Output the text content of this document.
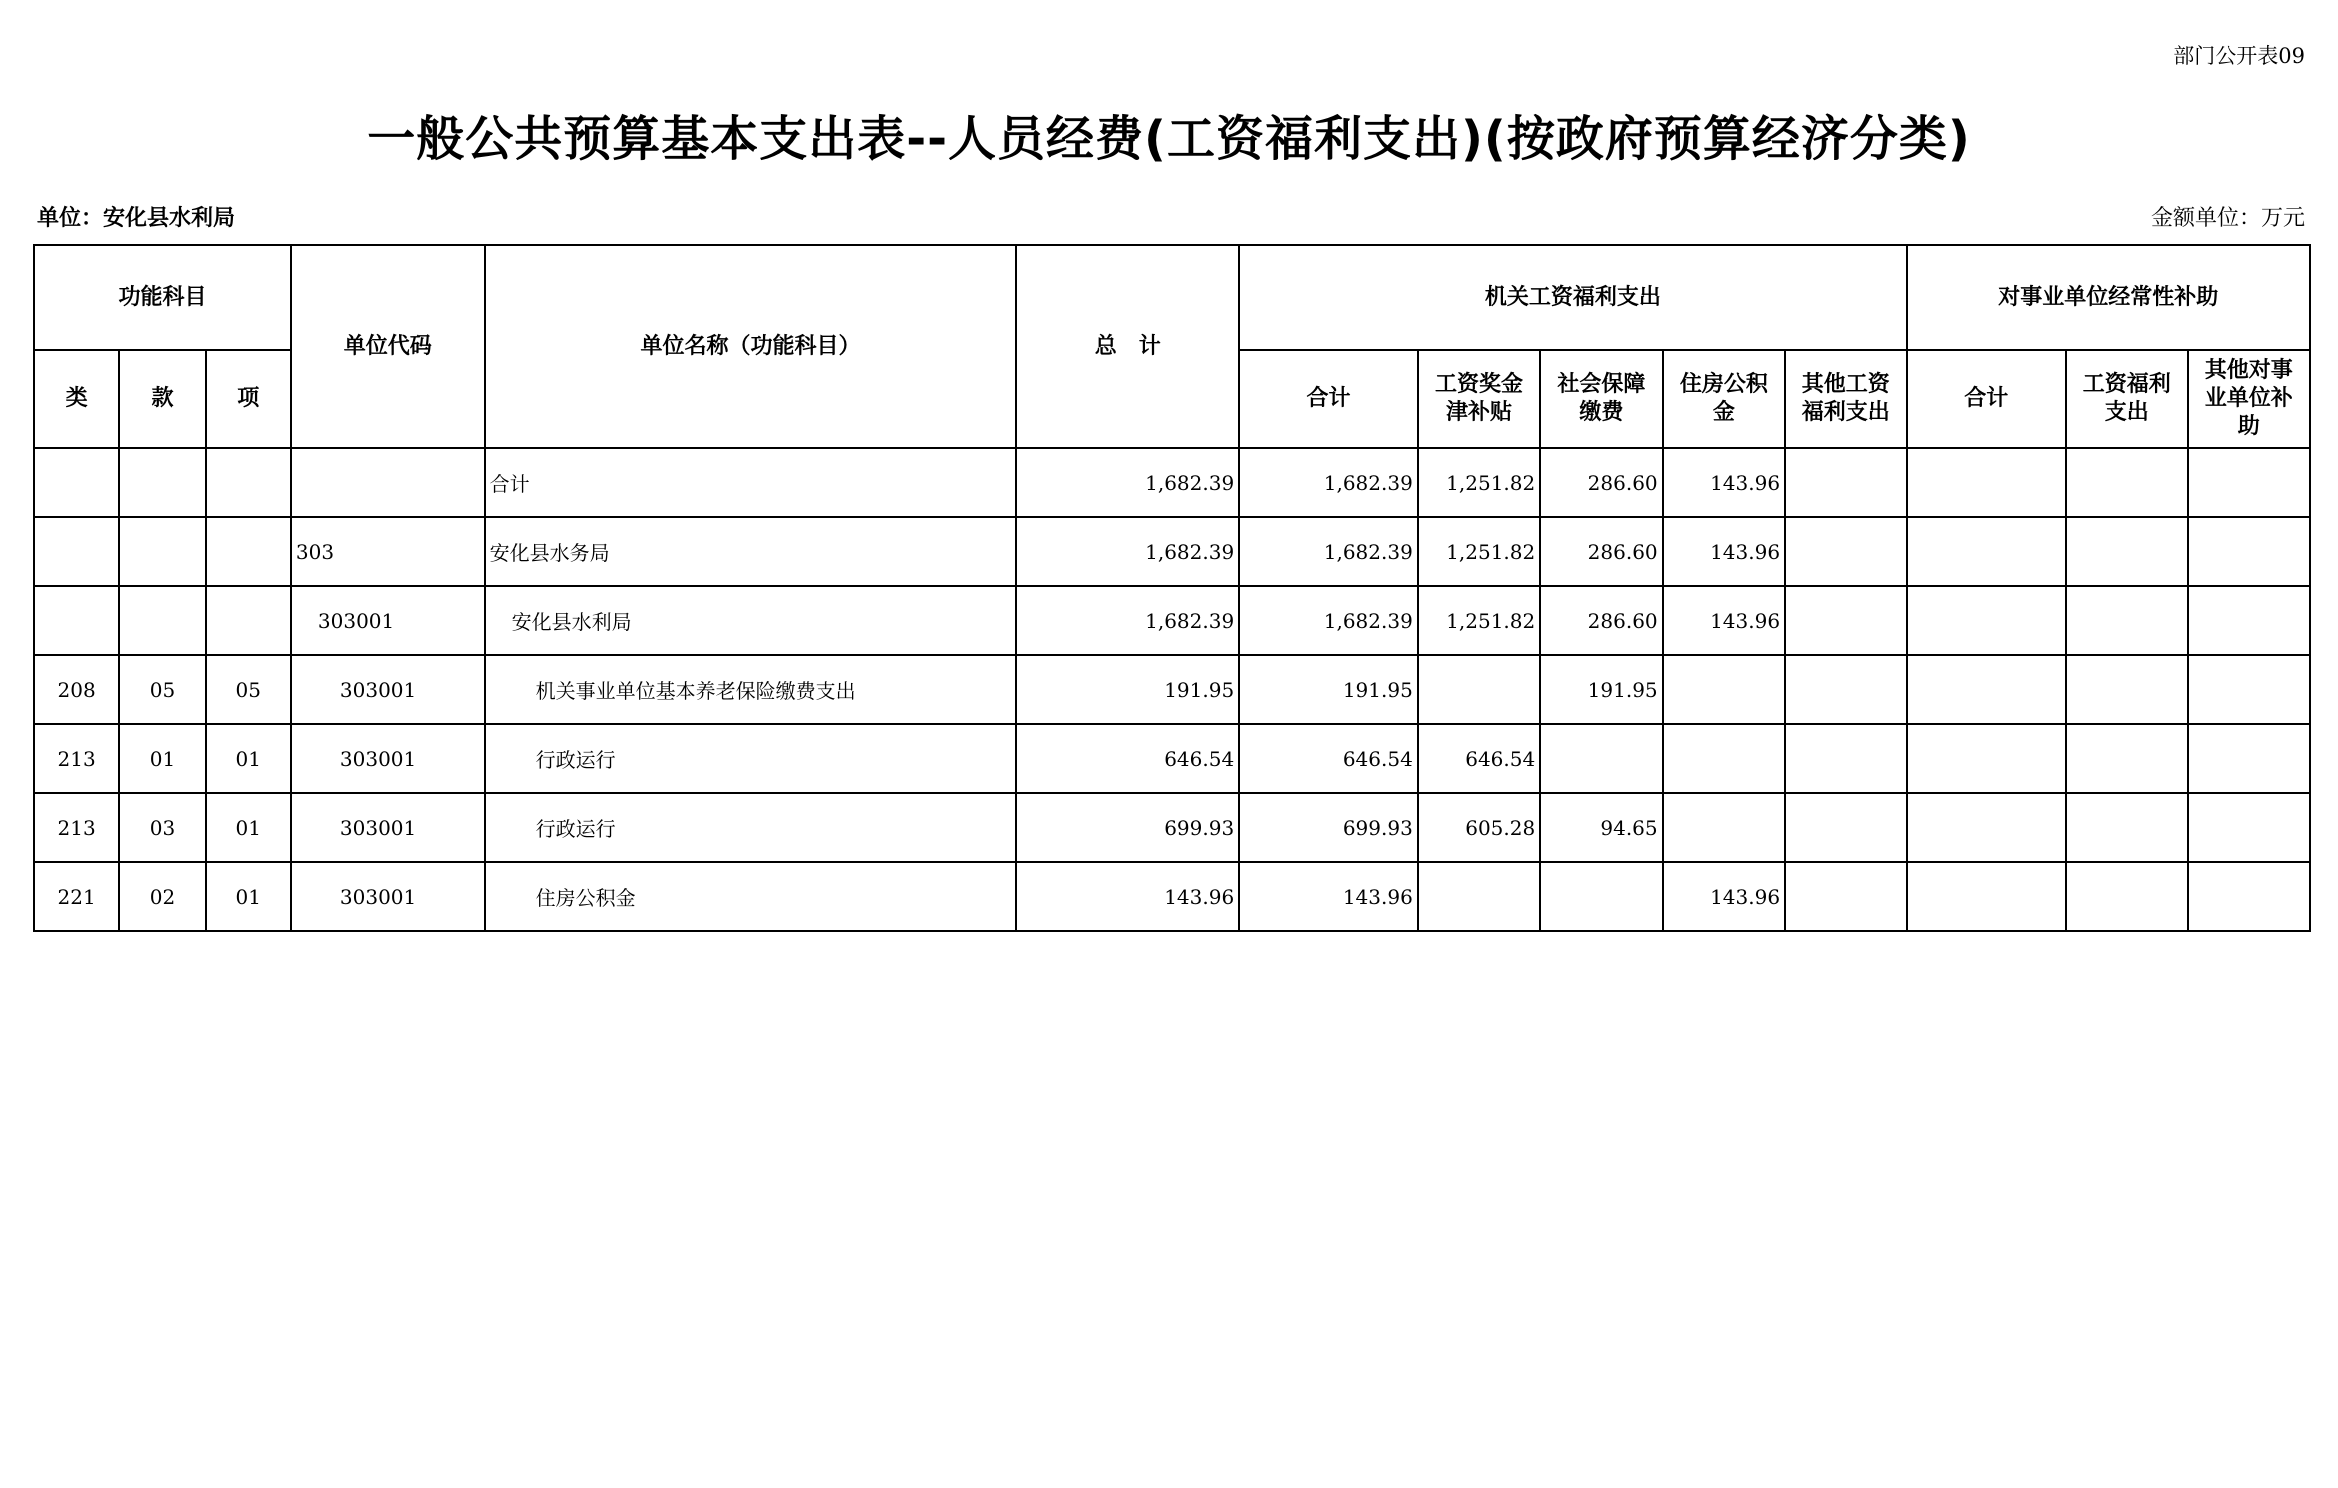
部门公开表09
一般公共预算基本支出表--人员经费(工资福利支出)(按政府预算经济分类)
单位：安化县水利局	金额单位：万元
功能科目			单位代码	单位名称（功能科目）	总　计	机关工资福利支出					对事业单位经常性补助		
类	款	项				合计	工资奖金津补贴	社会保障缴费	住房公积金	其他工资福利支出	合计	工资福利支出	其他对事业单位补助
				合计	1,682.39	1,682.39	1,251.82	286.60	143.96				
			303	安化县水务局	1,682.39	1,682.39	1,251.82	286.60	143.96				
			303001	安化县水利局	1,682.39	1,682.39	1,251.82	286.60	143.96				
208	05	05	303001	机关事业单位基本养老保险缴费支出	191.95	191.95		191.95					
213	01	01	303001	行政运行	646.54	646.54	646.54						
213	03	01	303001	行政运行	699.93	699.93	605.28	94.65					
221	02	01	303001	住房公积金	143.96	143.96			143.96				
